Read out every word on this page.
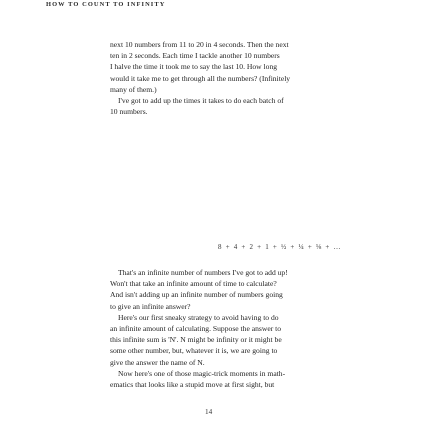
HOW TO COUNT TO INFINITY
next 10 numbers from 11 to 20 in 4 seconds. Then the next
ten in 2 seconds. Each time I tackle another 10 numbers
I halve the time it took me to say the last 10. How long
would it take me to get through all the numbers? (Infinitely
many of them.)
I've got to add up the times it takes to do each batch of
10 numbers.
8 + 4 + 2 + 1 + ½ + ¼ + ⅛ + …
That's an infinite number of numbers I've got to add up!
Won't that take an infinite amount of time to calculate?
And isn't adding up an infinite number of numbers going
to give an infinite answer?
Here's our first sneaky strategy to avoid having to do
an infinite amount of calculating. Suppose the answer to
this infinite sum is 'N'. N might be infinity or it might be
some other number, but, whatever it is, we are going to
give the answer the name of N.
Now here's one of those magic-trick moments in math-
ematics that looks like a stupid move at first sight, but
14
